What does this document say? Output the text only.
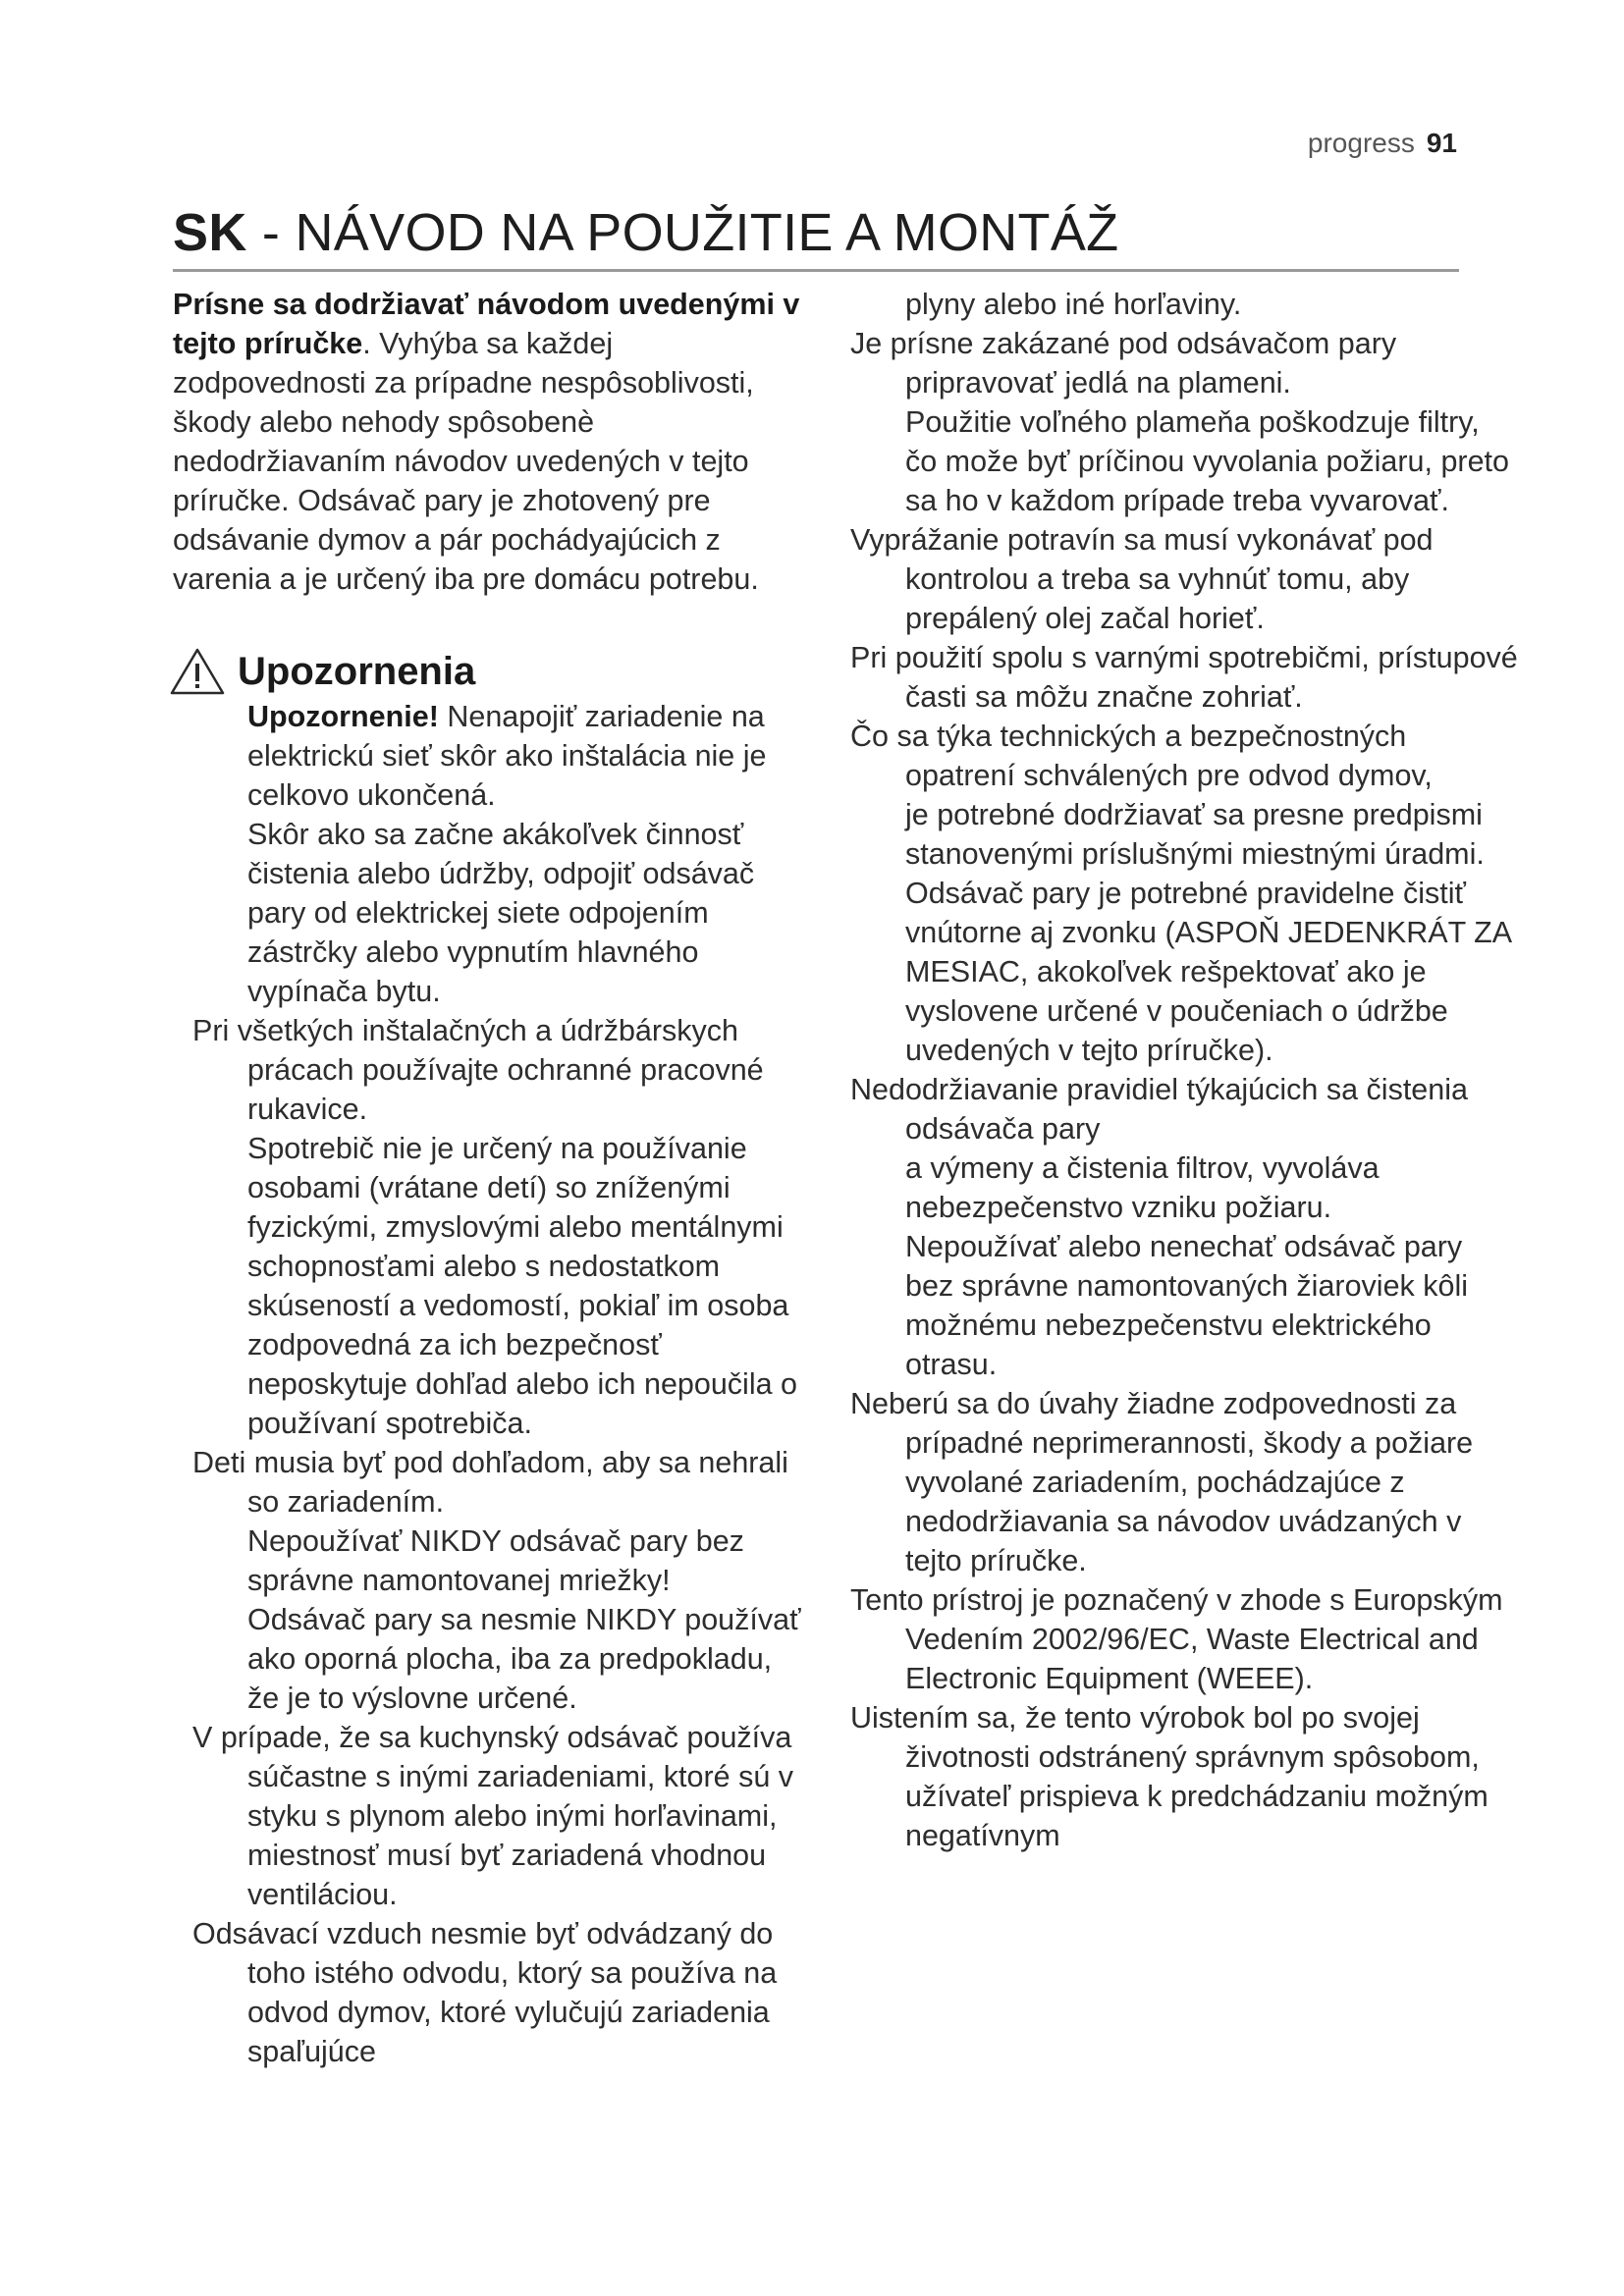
progress 91
SK - NÁVOD NA POUŽITIE A MONTÁŽ

Prísne sa dodržiavať návodom uvedenými v tejto príručke. Vyhýba sa každej zodpovednosti za prípadne nespôsoblivosti, škody alebo nehody spôsobenè nedodržiavaním návodov uvedených v tejto príručke. Odsávač pary je zhotovený pre odsávanie dymov a pár pochádyajúcich z varenia a je určený iba pre domácu potrebu.

Upozornenia

Upozornenie! Nenapojiť zariadenie na elektrickú sieť skôr ako inštalácia nie je celkovo ukončená.

Skôr ako sa začne akákoľvek činnosť čistenia alebo údržby, odpojiť odsávač pary od elektrickej siete odpojením zástrčky alebo vypnutím hlavného vypínača bytu.

Pri všetkých inštalačných a údržbárskych prácach používajte ochranné pracovné rukavice.

Spotrebič nie je určený na používanie osobami (vrátane detí) so zníženými fyzickými, zmyslovými alebo mentálnymi schopnosťami alebo s nedostatkom skúseností a vedomostí, pokiaľ im osoba zodpovedná za ich bezpečnosť neposkytuje dohľad alebo ich nepoučila o používaní spotrebiča.

Deti musia byť pod dohľadom, aby sa nehrali so zariadením.

Nepoužívať NIKDY odsávač pary bez správne namontovanej mriežky!

Odsávač pary sa nesmie NIKDY používať ako oporná plocha, iba za predpokladu, že je to výslovne určené.

V prípade, že sa kuchynský odsávač používa súčastne s inými zariadeniami, ktoré sú v styku s plynom alebo inými horľavinami, miestnosť musí byť zariadená vhodnou ventiláciou.

Odsávací vzduch nesmie byť odvádzaný do toho istého odvodu, ktorý sa používa na odvod dymov, ktoré vylučujú zariadenia spaľujúce

plyny alebo iné horľaviny.

Je prísne zakázané pod odsávačom pary pripravovať jedlá na plameni.

Použitie voľného plameňa poškodzuje filtry, čo može byť príčinou vyvolania požiaru, preto sa ho v každom prípade treba vyvarovať.

Vyprážanie potravín sa musí vykonávať pod kontrolou a treba sa vyhnúť tomu, aby prepálený olej začal horieť.

Pri použití spolu s varnými spotrebičmi, prístupové časti sa môžu značne zohriať.

Čo sa týka technických a bezpečnostných opatrení schválených pre odvod dymov,

je potrebné dodržiavať sa presne predpismi stanovenými príslušnými miestnými úradmi.

Odsávač pary je potrebné pravidelne čistiť vnútorne aj zvonku (ASPOŇ JEDENKRÁT ZA MESIAC, akokoľvek rešpektovať ako je vyslovene určené v poučeniach o údržbe uvedených v tejto príručke).

Nedodržiavanie pravidiel týkajúcich sa čistenia odsávača pary

a výmeny a čistenia filtrov, vyvoláva nebezpečenstvo vzniku požiaru.

Nepoužívať alebo nenechať odsávač pary bez správne namontovaných žiaroviek kôli možnému nebezpečenstvu elektrického otrasu.

Neberú sa do úvahy žiadne zodpovednosti za prípadné neprimerannosti, škody a požiare vyvolané zariadením, pochádzajúce z nedodržiavania sa návodov uvádzaných v tejto príručke.

Tento prístroj je poznačený v zhode s Europským Vedením 2002/96/EC, Waste Electrical and Electronic Equipment (WEEE).

Uistením sa, že tento výrobok bol po svojej životnosti odstránený správnym spôsobom, užívateľ prispieva k predchádzaniu možným negatívnym
